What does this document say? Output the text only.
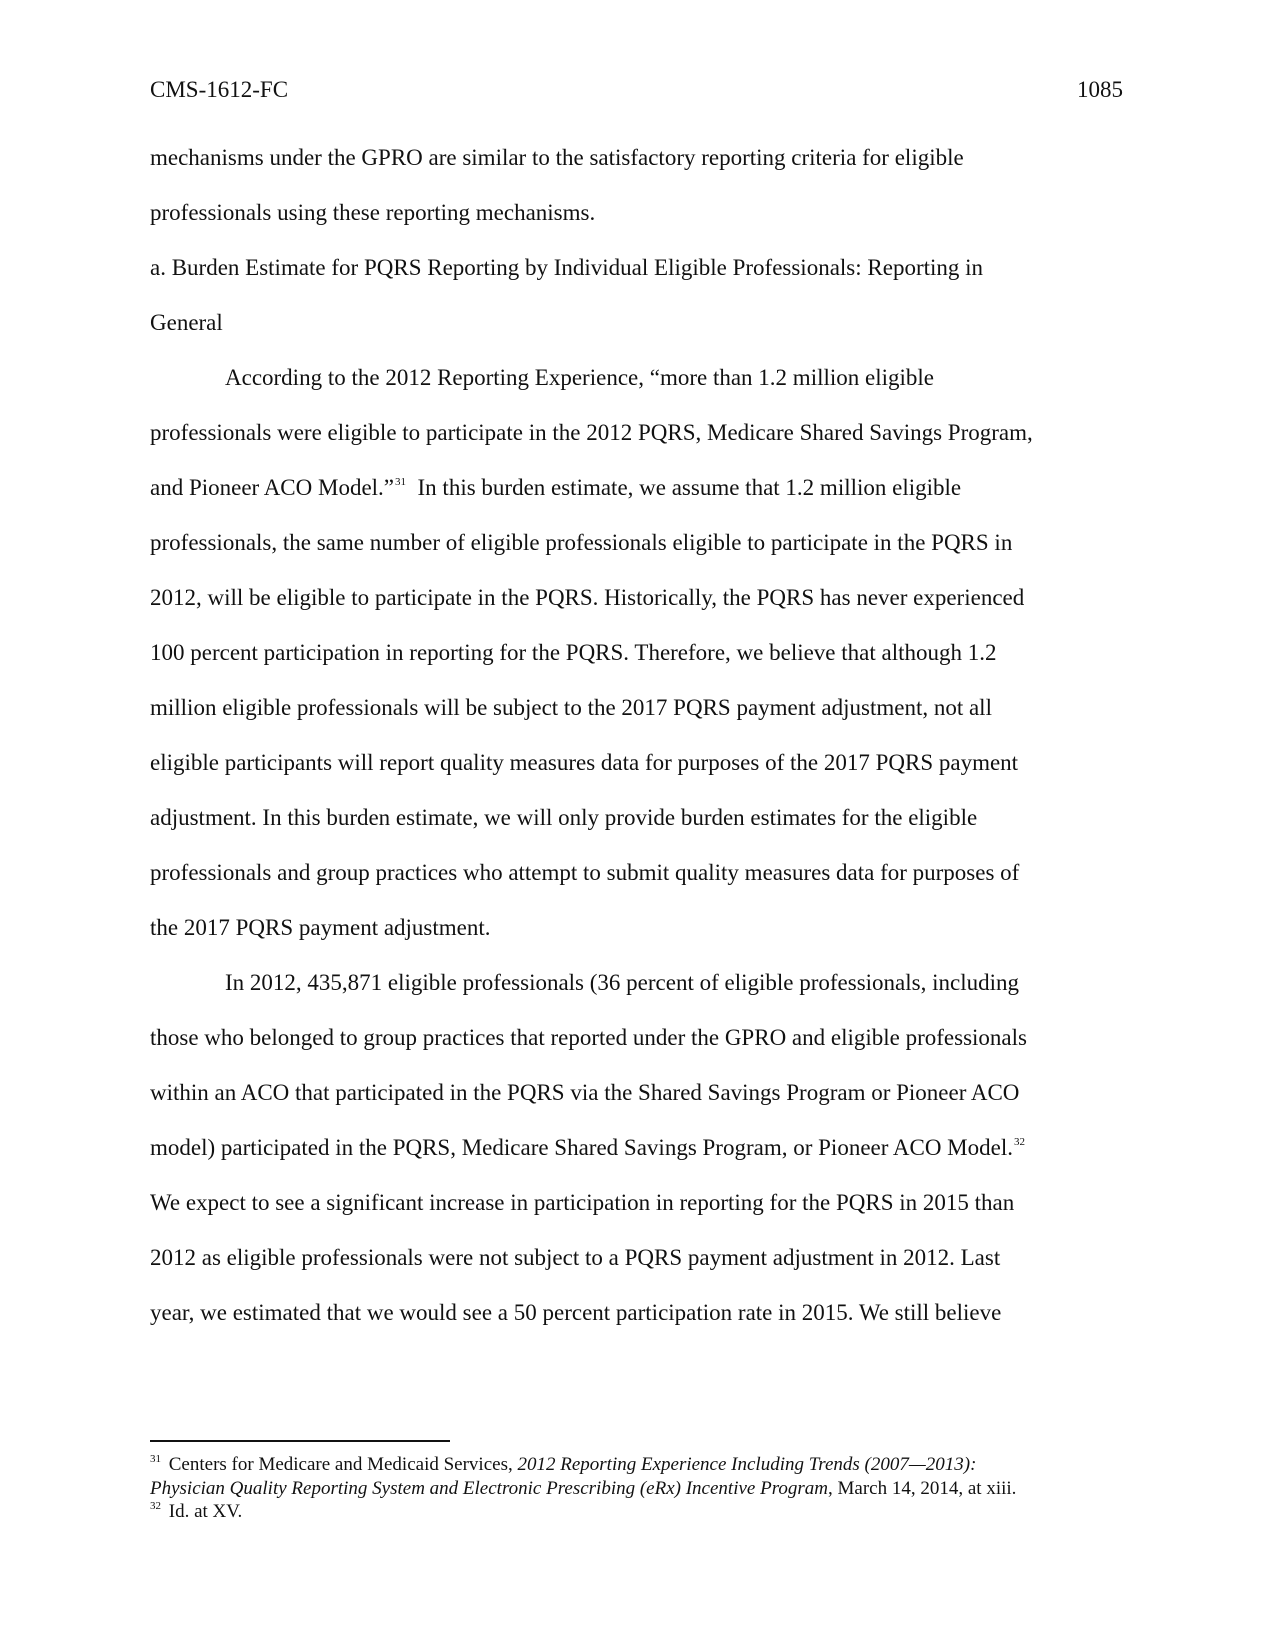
CMS-1612-FC	1085
mechanisms under the GPRO are similar to the satisfactory reporting criteria for eligible
professionals using these reporting mechanisms.
a. Burden Estimate for PQRS Reporting by Individual Eligible Professionals: Reporting in
General
According to the 2012 Reporting Experience, “more than 1.2 million eligible
professionals were eligible to participate in the 2012 PQRS, Medicare Shared Savings Program,
and Pioneer ACO Model.”$^{31}$  In this burden estimate, we assume that 1.2 million eligible
professionals, the same number of eligible professionals eligible to participate in the PQRS in
2012, will be eligible to participate in the PQRS. Historically, the PQRS has never experienced
100 percent participation in reporting for the PQRS. Therefore, we believe that although 1.2
million eligible professionals will be subject to the 2017 PQRS payment adjustment, not all
eligible participants will report quality measures data for purposes of the 2017 PQRS payment
adjustment. In this burden estimate, we will only provide burden estimates for the eligible
professionals and group practices who attempt to submit quality measures data for purposes of
the 2017 PQRS payment adjustment.
In 2012, 435,871 eligible professionals (36 percent of eligible professionals, including
those who belonged to group practices that reported under the GPRO and eligible professionals
within an ACO that participated in the PQRS via the Shared Savings Program or Pioneer ACO
model) participated in the PQRS, Medicare Shared Savings Program, or Pioneer ACO Model.$^{32}$
We expect to see a significant increase in participation in reporting for the PQRS in 2015 than
2012 as eligible professionals were not subject to a PQRS payment adjustment in 2012. Last
year, we estimated that we would see a 50 percent participation rate in 2015. We still believe
$^{31}$ Centers for Medicare and Medicaid Services, 2012 Reporting Experience Including Trends (2007—2013):
Physician Quality Reporting System and Electronic Prescribing (eRx) Incentive Program, March 14, 2014, at xiii.
$^{32}$ Id. at XV.
